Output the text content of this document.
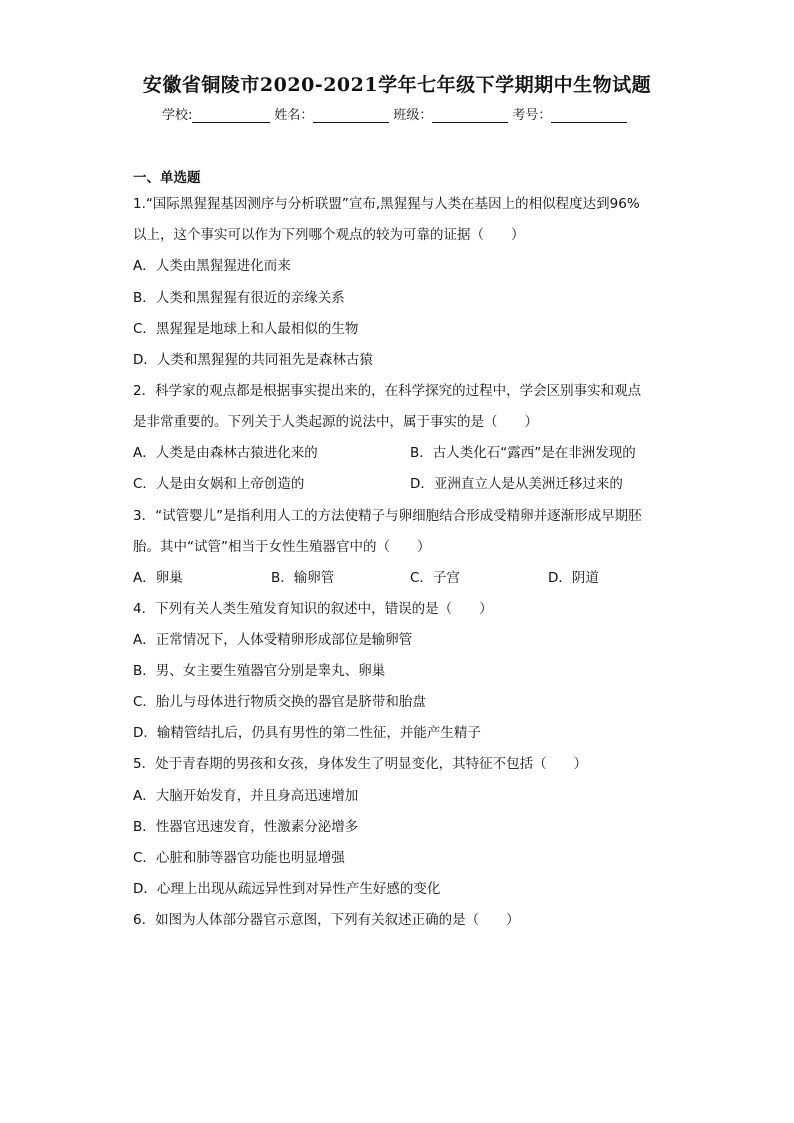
安徽省铜陵市2020-2021学年七年级下学期期中生物试题
学校:	姓名：	班级：	考号：
一、单选题
1.“国际黑猩猩基因测序与分析联盟”宣布,黑猩猩与人类在基因上的相似程度达到96%
以上，这个事实可以作为下列哪个观点的较为可靠的证据（　　）
A．人类由黑猩猩进化而来
B．人类和黑猩猩有很近的亲缘关系
C．黑猩猩是地球上和人最相似的生物
D．人类和黑猩猩的共同祖先是森林古猿
2．科学家的观点都是根据事实提出来的，在科学探究的过程中，学会区别事实和观点
是非常重要的。下列关于人类起源的说法中，属于事实的是（　　）
A．人类是由森林古猿进化来的	B．古人类化石“露西”是在非洲发现的
C．人是由女娲和上帝创造的	D．亚洲直立人是从美洲迁移过来的
3．“试管婴儿”是指利用人工的方法使精子与卵细胞结合形成受精卵并逐渐形成早期胚
胎。其中“试管”相当于女性生殖器官中的（　　）
A．卵巢	B．输卵管	C．子宫	D．阴道
4．下列有关人类生殖发育知识的叙述中，错误的是（　　）
A．正常情况下，人体受精卵形成部位是输卵管
B．男、女主要生殖器官分别是睾丸、卵巢
C．胎儿与母体进行物质交换的器官是脐带和胎盘
D．输精管结扎后，仍具有男性的第二性征，并能产生精子
5．处于青春期的男孩和女孩，身体发生了明显变化，其特征不包括（　　）
A．大脑开始发育，并且身高迅速增加
B．性器官迅速发育，性激素分泌增多
C．心脏和肺等器官功能也明显增强
D．心理上出现从疏远异性到对异性产生好感的变化
6．如图为人体部分器官示意图，下列有关叙述正确的是（　　）
